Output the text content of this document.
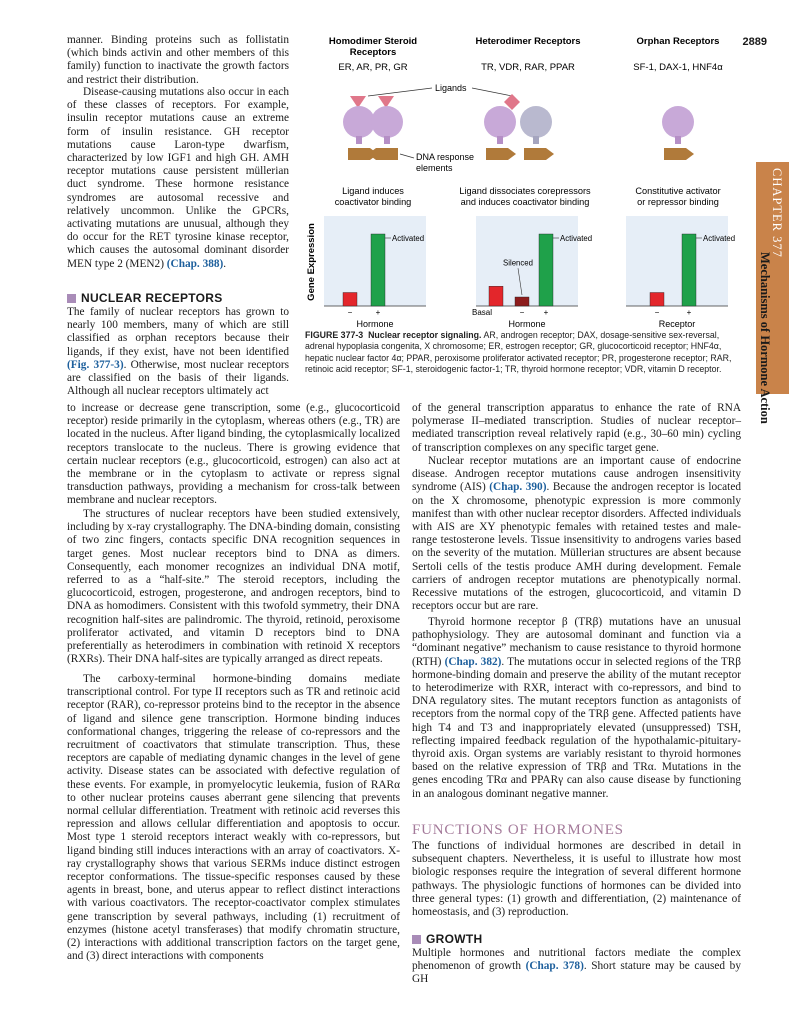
2889
CHAPTER 377
Mechanisms of Hormone Action
manner. Binding proteins such as follistatin (which binds activin and other members of this family) function to inactivate the growth factors and restrict their distribution.
Disease-causing mutations also occur in each of these classes of receptors. For example, insulin receptor mutations cause an extreme form of insulin resistance. GH receptor mutations cause Laron-type dwarfism, characterized by low IGF1 and high GH. AMH receptor mutations cause persistent müllerian duct syndrome. These hormone resistance syndromes are autosomal recessive and relatively uncommon. Unlike the GPCRs, activating mutations are unusual, although they do occur for the RET tyrosine kinase receptor, which causes the autosomal dominant disorder MEN type 2 (MEN2) (Chap. 388).
NUCLEAR RECEPTORS
The family of nuclear receptors has grown to nearly 100 members, many of which are still classified as orphan receptors because their ligands, if they exist, have not been identified (Fig. 377-3). Otherwise, most nuclear receptors are classified on the basis of their ligands. Although all nuclear receptors ultimately act
to increase or decrease gene transcription, some (e.g., glucocorticoid receptor) reside primarily in the cytoplasm, whereas others (e.g., TR) are located in the nucleus. After ligand binding, the cytoplasmically localized receptors translocate to the nucleus. There is growing evidence that certain nuclear receptors (e.g., glucocorticoid, estrogen) can also act at the membrane or in the cytoplasm to activate or repress signal transduction pathways, providing a mechanism for cross-talk between membrane and nuclear receptors.
The structures of nuclear receptors have been studied extensively, including by x-ray crystallography. The DNA-binding domain, consisting of two zinc fingers, contacts specific DNA recognition sequences in target genes. Most nuclear receptors bind to DNA as dimers. Consequently, each monomer recognizes an individual DNA motif, referred to as a “half-site.” The steroid receptors, including the glucocorticoid, estrogen, progesterone, and androgen receptors, bind to DNA as homodimers. Consistent with this twofold symmetry, their DNA recognition half-sites are palindromic. The thyroid, retinoid, peroxisome proliferator activated, and vitamin D receptors bind to DNA preferentially as heterodimers in combination with retinoid X receptors (RXRs). Their DNA half-sites are typically arranged as direct repeats.
The carboxy-terminal hormone-binding domains mediate transcriptional control. For type II receptors such as TR and retinoic acid receptor (RAR), co-repressor proteins bind to the receptor in the absence of ligand and silence gene transcription. Hormone binding induces conformational changes, triggering the release of co-repressors and the recruitment of coactivators that stimulate transcription. Thus, these receptors are capable of mediating dynamic changes in the level of gene activity. Disease states can be associated with defective regulation of these events. For example, in promyelocytic leukemia, fusion of RARα to other nuclear proteins causes aberrant gene silencing that prevents normal cellular differentiation. Treatment with retinoic acid reverses this repression and allows cellular differentiation and apoptosis to occur. Most type 1 steroid receptors interact weakly with co-repressors, but ligand binding still induces interactions with an array of coactivators. X-ray crystallography shows that various SERMs induce distinct estrogen receptor conformations. The tissue-specific responses caused by these agents in breast, bone, and uterus appear to reflect distinct interactions with various coactivators. The receptor-coactivator complex stimulates gene transcription by several pathways, including (1) recruitment of enzymes (histone acetyl transferases) that modify chromatin structure, (2) interactions with additional transcription factors on the target gene, and (3) direct interactions with components
of the general transcription apparatus to enhance the rate of RNA polymerase II–mediated transcription. Studies of nuclear receptor–mediated transcription reveal relatively rapid (e.g., 30–60 min) cycling of transcription complexes on any specific target gene.
Nuclear receptor mutations are an important cause of endocrine disease. Androgen receptor mutations cause androgen insensitivity syndrome (AIS) (Chap. 390). Because the androgen receptor is located on the X chromosome, phenotypic expression is more commonly manifest than with other nuclear receptor disorders. Affected individuals with AIS are XY phenotypic females with retained testes and male-range testosterone levels. Tissue insensitivity to androgens varies based on the severity of the mutation. Müllerian structures are absent because Sertoli cells of the testis produce AMH during development. Female carriers of androgen receptor mutations are phenotypically normal. Recessive mutations of the estrogen, glucocorticoid, and vitamin D receptors occur but are rare.
Thyroid hormone receptor β (TRβ) mutations have an unusual pathophysiology. They are autosomal dominant and function via a “dominant negative” mechanism to cause resistance to thyroid hormone (RTH) (Chap. 382). The mutations occur in selected regions of the TRβ hormone-binding domain and preserve the ability of the mutant receptor to heterodimerize with RXR, interact with co-repressors, and bind to DNA regulatory sites. The mutant receptors function as antagonists of receptors from the normal copy of the TRβ gene. Affected patients have high T4 and T3 and inappropriately elevated (unsuppressed) TSH, reflecting impaired feedback regulation of the hypothalamic-pituitary-thyroid axis. Organ systems are variably resistant to thyroid hormones based on the relative expression of TRβ and TRα. Mutations in the genes encoding TRα and PPARγ can also cause disease by functioning in an analogous dominant negative manner.
FUNCTIONS OF HORMONES
The functions of individual hormones are described in detail in subsequent chapters. Nevertheless, it is useful to illustrate how most biologic responses require the integration of several different hormone pathways. The physiologic functions of hormones can be divided into three general types: (1) growth and differentiation, (2) maintenance of homeostasis, and (3) reproduction.
GROWTH
Multiple hormones and nutritional factors mediate the complex phenomenon of growth (Chap. 378). Short stature may be caused by GH
Homodimer Steroid
Receptors
ER, AR, PR, GR
Heterodimer Receptors
TR, VDR, RAR, PPAR
Orphan Receptors
SF-1, DAX-1, HNF4α
Ligands
DNA response
elements
Ligand induces
coactivator binding
Ligand dissociates corepressors
and induces coactivator binding
Constitutive activator
or repressor binding
Gene Expression
−	+
Activated
Hormone
Basal	−
Silenced
+
Activated
Hormone
−	+
Activated
Receptor
FIGURE 377-3 Nuclear receptor signaling. AR, androgen receptor; DAX, dosage-sensitive sex-reversal, adrenal hypoplasia congenita, X chromosome; ER, estrogen receptor; GR, glucocorticoid receptor; HNF4α, hepatic nuclear factor 4α; PPAR, peroxisome proliferator activated receptor; PR, progesterone receptor; RAR, retinoic acid receptor; SF-1, steroidogenic factor-1; TR, thyroid hormone receptor; VDR, vitamin D receptor.
